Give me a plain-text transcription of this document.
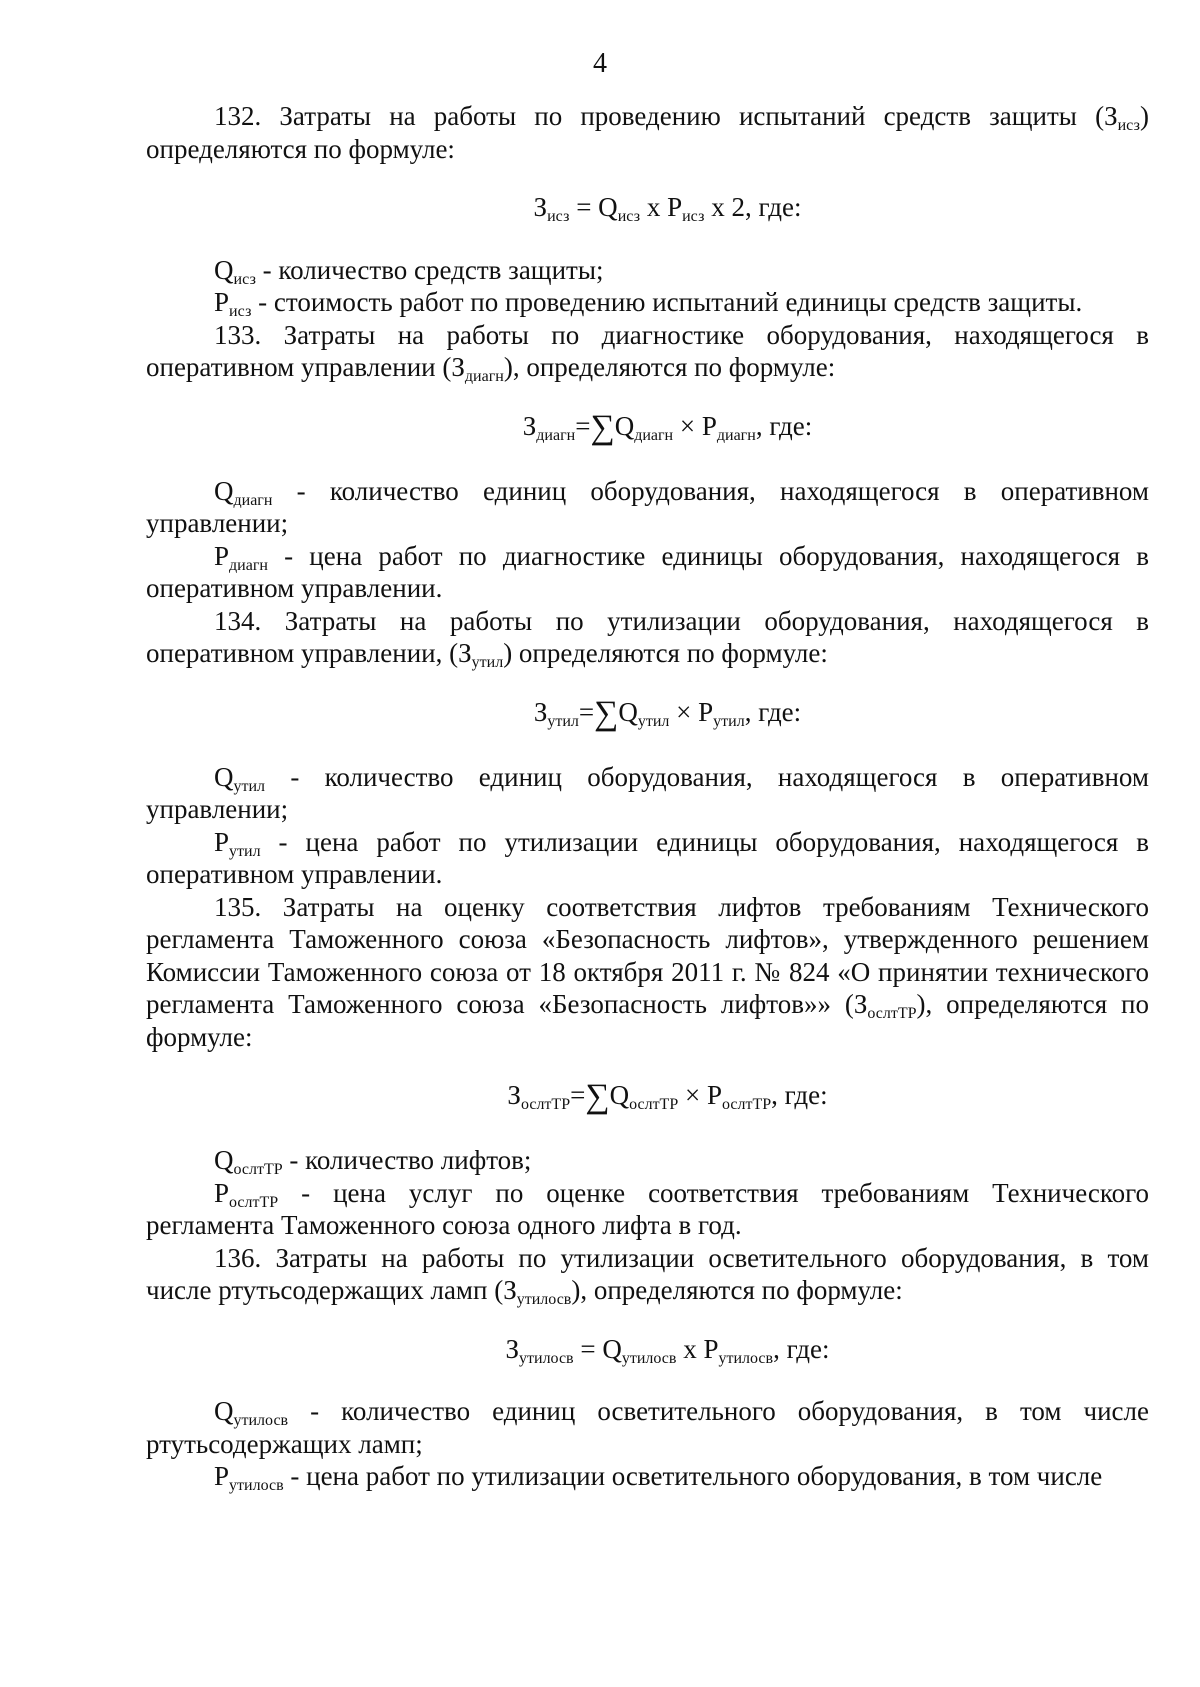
4

132. Затраты на работы по проведению испытаний средств защиты $(З_{исз})$ определяются по формуле:

$З_{исз} = Q_{исз}$ x $P_{исз}$ x 2, где:

$Q_{исз}$ - количество средств защиты;

$P_{исз}$ - стоимость работ по проведению испытаний единицы средств защиты.

133. Затраты на работы по диагностике оборудования, находящегося в оперативном управлении $(З_{диагн})$, определяются по формуле:

$З_{диагн}=\sum Q_{диагн} \times P_{диагн}$, где:

$Q_{диагн}$ - количество единиц оборудования, находящегося в оперативном управлении;

$P_{диагн}$ - цена работ по диагностике единицы оборудования, находящегося в оперативном управлении.

134. Затраты на работы по утилизации оборудования, находящегося в оперативном управлении, $(З_{утил})$ определяются по формуле:

$З_{утил}=\sum Q_{утил} \times P_{утил}$, где:

$Q_{утил}$ - количество единиц оборудования, находящегося в оперативном управлении;

$P_{утил}$ - цена работ по утилизации единицы оборудования, находящегося в оперативном управлении.

135. Затраты на оценку соответствия лифтов требованиям Технического регламента Таможенного союза «Безопасность лифтов», утвержденного решением Комиссии Таможенного союза от 18 октября 2011 г. № 824 «О принятии технического регламента Таможенного союза «Безопасность лифтов»» $(З_{ослтТР})$, определяются по формуле:

$З_{ослтТР}=\sum Q_{ослтТР} \times P_{ослтТР}$, где:

$Q_{ослтТР}$ - количество лифтов;

$P_{ослтТР}$ - цена услуг по оценке соответствия требованиям Технического регламента Таможенного союза одного лифта в год.

136. Затраты на работы по утилизации осветительного оборудования, в том числе ртутьсодержащих ламп $(З_{утилосв})$, определяются по формуле:

$З_{утилосв} = Q_{утилосв}$ x $P_{утилосв}$, где:

$Q_{утилосв}$ - количество единиц осветительного оборудования, в том числе ртутьсодержащих ламп;

$P_{утилосв}$ - цена работ по утилизации осветительного оборудования, в том числе
